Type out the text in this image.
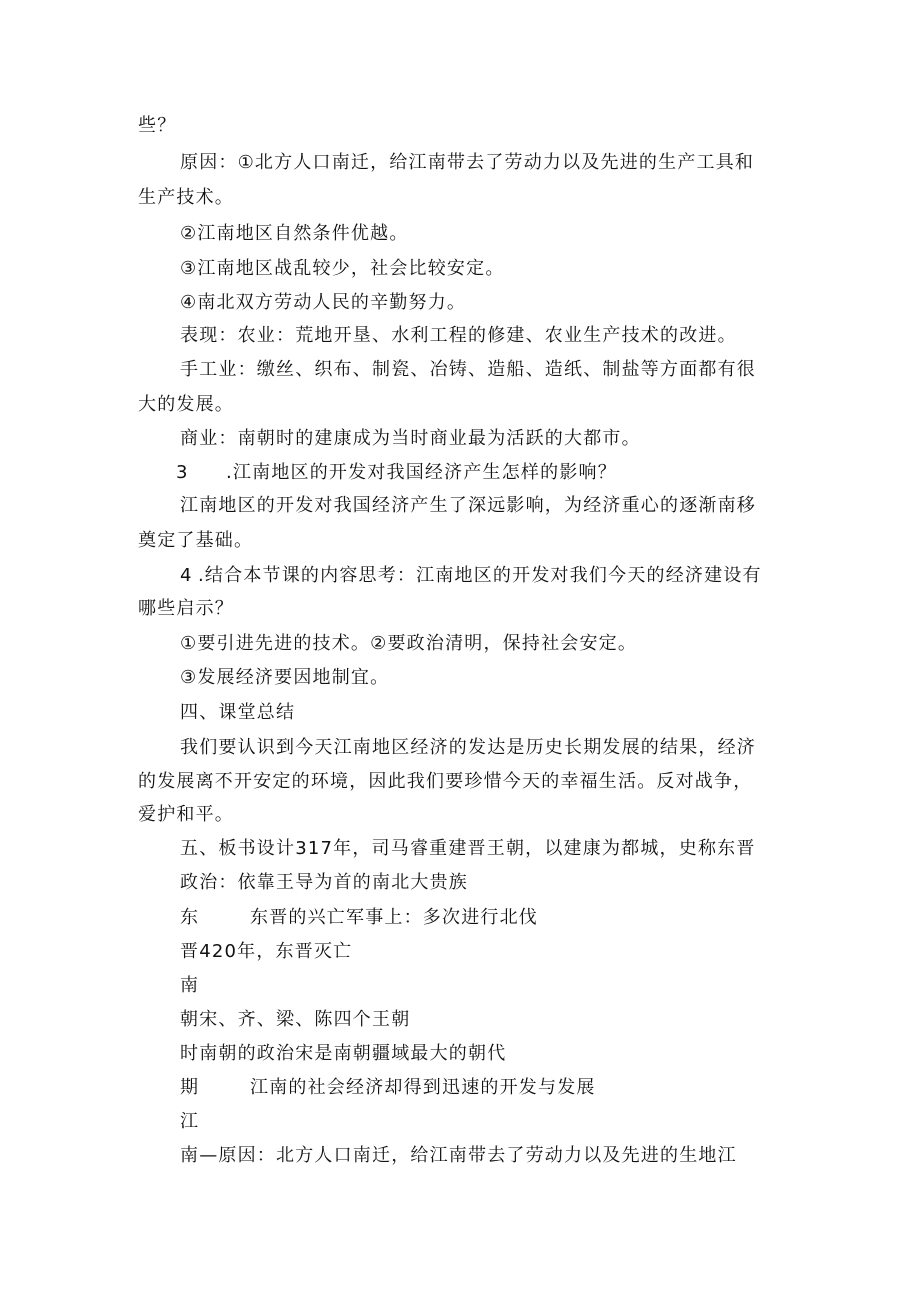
些？
原因：①北方人口南迁，给江南带去了劳动力以及先进的生产工具和
生产技术。
②江南地区自然条件优越。
③江南地区战乱较少，社会比较安定。
④南北双方劳动人民的辛勤努力。
表现：农业：荒地开垦、水利工程的修建、农业生产技术的改进。
手工业：缴丝、织布、制瓷、冶铸、造船、造纸、制盐等方面都有很
大的发展。
商业：南朝时的建康成为当时商业最为活跃的大都市。
3 .江南地区的开发对我国经济产生怎样的影响？
江南地区的开发对我国经济产生了深远影响，为经济重心的逐渐南移
奠定了基础。
4 .结合本节课的内容思考：江南地区的开发对我们今天的经济建设有
哪些启示？
①要引进先进的技术。②要政治清明，保持社会安定。
③发展经济要因地制宜。
四、课堂总结
我们要认识到今天江南地区经济的发达是历史长期发展的结果，经济
的发展离不开安定的环境，因此我们要珍惜今天的幸福生活。反对战争，
爱护和平。
五、板书设计317年，司马睿重建晋王朝，以建康为都城，史称东晋
政治：依靠王导为首的南北大贵族
东	东晋的兴亡军事上：多次进行北伐
晋420年，东晋灭亡
南
朝宋、齐、梁、陈四个王朝
时南朝的政治宋是南朝疆域最大的朝代
期	江南的社会经济却得到迅速的开发与发展
江
南—原因：北方人口南迁，给江南带去了劳动力以及先进的生地江
